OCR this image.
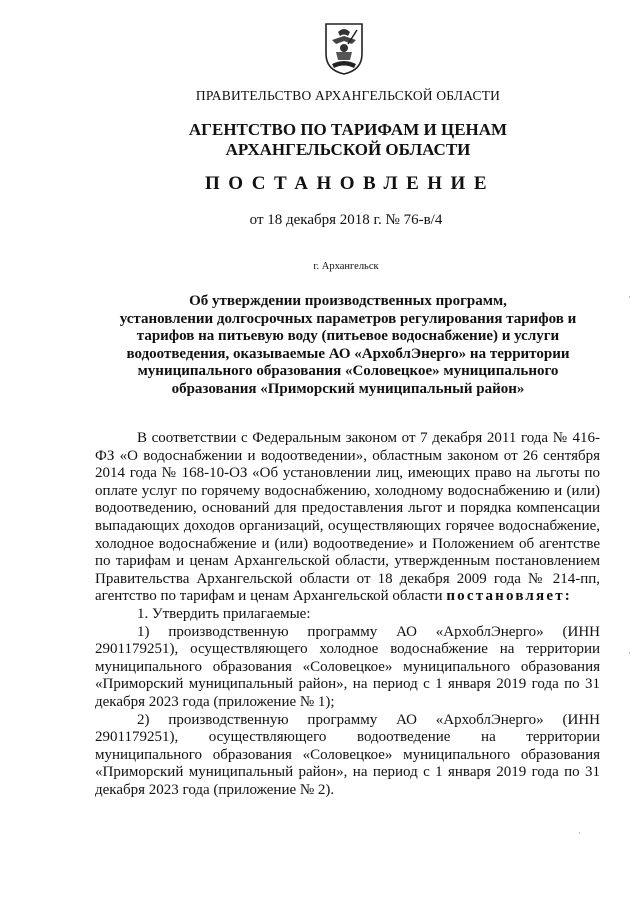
ПРАВИТЕЛЬСТВО АРХАНГЕЛЬСКОЙ ОБЛАСТИ
АГЕНТСТВО ПО ТАРИФАМ И ЦЕНАМ
АРХАНГЕЛЬСКОЙ ОБЛАСТИ
ПОСТАНОВЛЕНИЕ
от 18 декабря 2018 г. № 76-в/4
г. Архангельск
Об утверждении производственных программ,
установлении долгосрочных параметров регулирования тарифов и
тарифов на питьевую воду (питьевое водоснабжение) и услуги
водоотведения, оказываемые АО «АрхоблЭнерго» на территории
муниципального образования «Соловецкое» муниципального
образования «Приморский муниципальный район»

В соответствии с Федеральным законом от 7 декабря 2011 года № 416-ФЗ «О водоснабжении и водоотведении», областным законом от 26 сентября 2014 года № 168-10-ОЗ «Об установлении лиц, имеющих право на льготы по оплате услуг по горячему водоснабжению, холодному водоснабжению и (или) водоотведению, оснований для предоставления льгот и порядка компенсации выпадающих доходов организаций, осуществляющих горячее водоснабжение, холодное водоснабжение и (или) водоотведение» и Положением об агентстве по тарифам и ценам Архангельской области, утвержденным постановлением Правительства Архангельской области от 18 декабря 2009 года № 214-пп, агентство по тарифам и ценам Архангельской области постановляет:

1. Утвердить прилагаемые:

1) производственную программу АО «АрхоблЭнерго» (ИНН 2901179251), осуществляющего холодное водоснабжение на территории муниципального образования «Соловецкое» муниципального образования «Приморский муниципальный район», на период с 1 января 2019 года по 31 декабря 2023 года (приложение № 1);

2) производственную программу АО «АрхоблЭнерго» (ИНН 2901179251), осуществляющего водоотведение на территории муниципального образования «Соловецкое» муниципального образования «Приморский муниципальный район», на период с 1 января 2019 года по 31 декабря 2023 года (приложение № 2).

·
·
·
